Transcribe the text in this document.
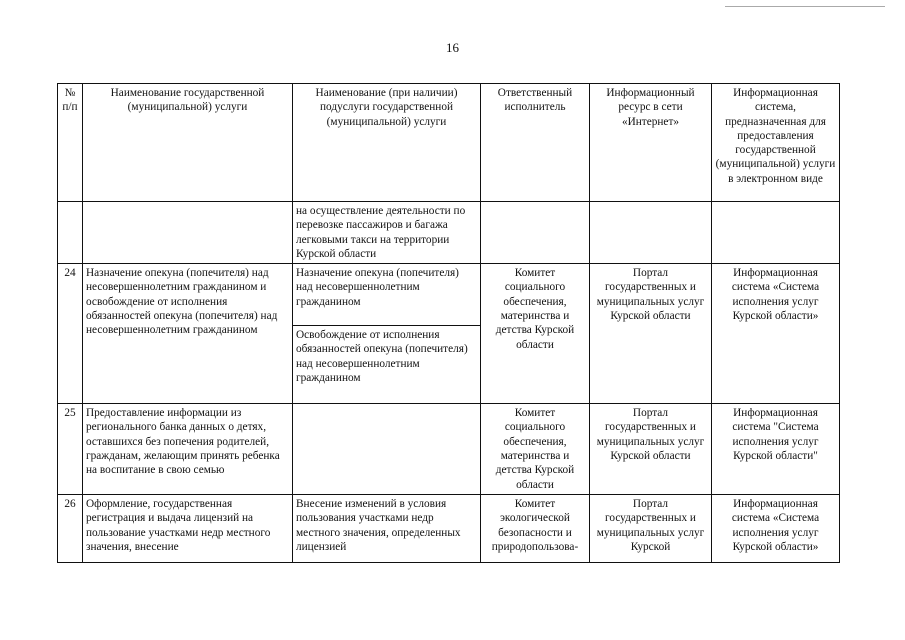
16
№ п/п	Наименование государственной (муниципальной) услуги	Наименование (при наличии) подуслуги государственной (муниципальной) услуги	Ответственный исполнитель	Информационный ресурс в сети «Интернет»	Информационная система, предназначенная для предоставления государственной (муниципальной) услуги в электронном виде
		на осуществление деятельности по перевозке пассажиров и багажа легковыми такси на территории Курской области			
24	Назначение опекуна (попечителя) над несовершеннолетним гражданином и освобождение от исполнения обязанностей опекуна (попечителя) над несовершеннолетним гражданином	Назначение опекуна (попечителя) над несовершеннолетним гражданином	Комитет социального обеспечения, материнства и детства Курской области	Портал государственных и муниципальных услуг Курской области	Информационная система «Система исполнения услуг Курской области»
		Освобождение от исполнения обязанностей опекуна (попечителя) над несовершеннолетним гражданином			
25	Предоставление информации из регионального банка данных о детях, оставшихся без попечения родителей, гражданам, желающим принять ребенка на воспитание в свою семью		Комитет социального обеспечения, материнства и детства Курской области	Портал государственных и муниципальных услуг Курской области	Информационная система "Система исполнения услуг Курской области"
26	Оформление, государственная регистрация и выдача лицензий на пользование участками недр местного значения, внесение	Внесение изменений в условия пользования участками недр местного значения, определенных лицензией	Комитет экологической безопасности и природопользова-	Портал государственных и муниципальных услуг Курской	Информационная система «Система исполнения услуг Курской области»
